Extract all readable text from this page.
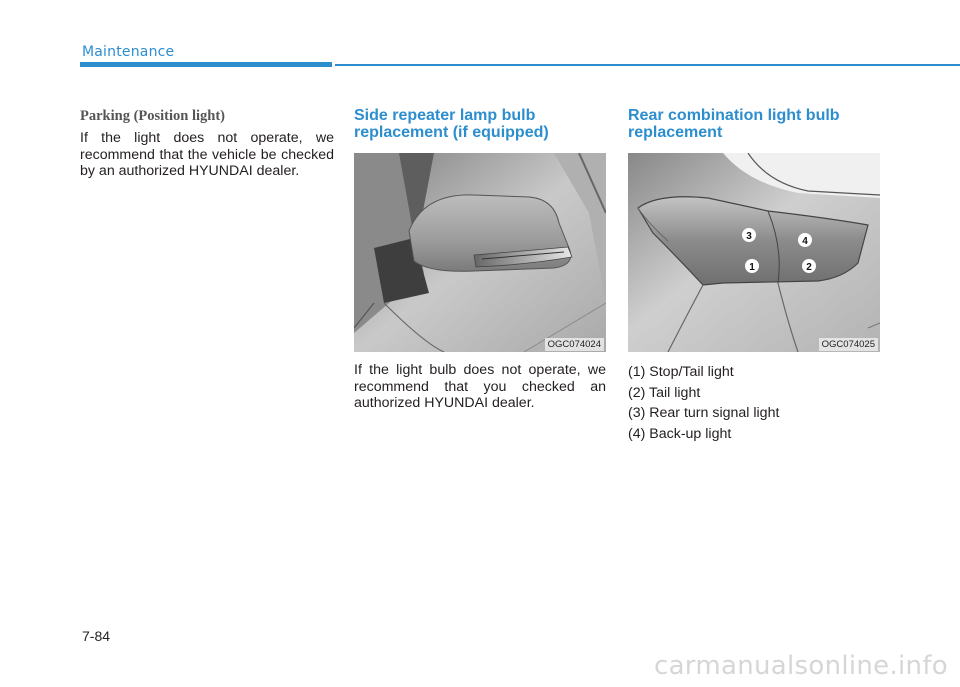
Maintenance
Parking (Position light)

If the light does not operate, we recommend that the vehicle be checked by an authorized HYUNDAI dealer.

Side repeater lamp bulb replacement (if equipped)
OGC074024

If the light bulb does not operate, we recommend that you checked an authorized HYUNDAI dealer.

Rear combination light bulb replacement
1	2
3	4
OGC074025
(1) Stop/Tail light
(2) Tail light
(3) Rear turn signal light
(4) Back-up light
7-84
carmanualsonline.info
